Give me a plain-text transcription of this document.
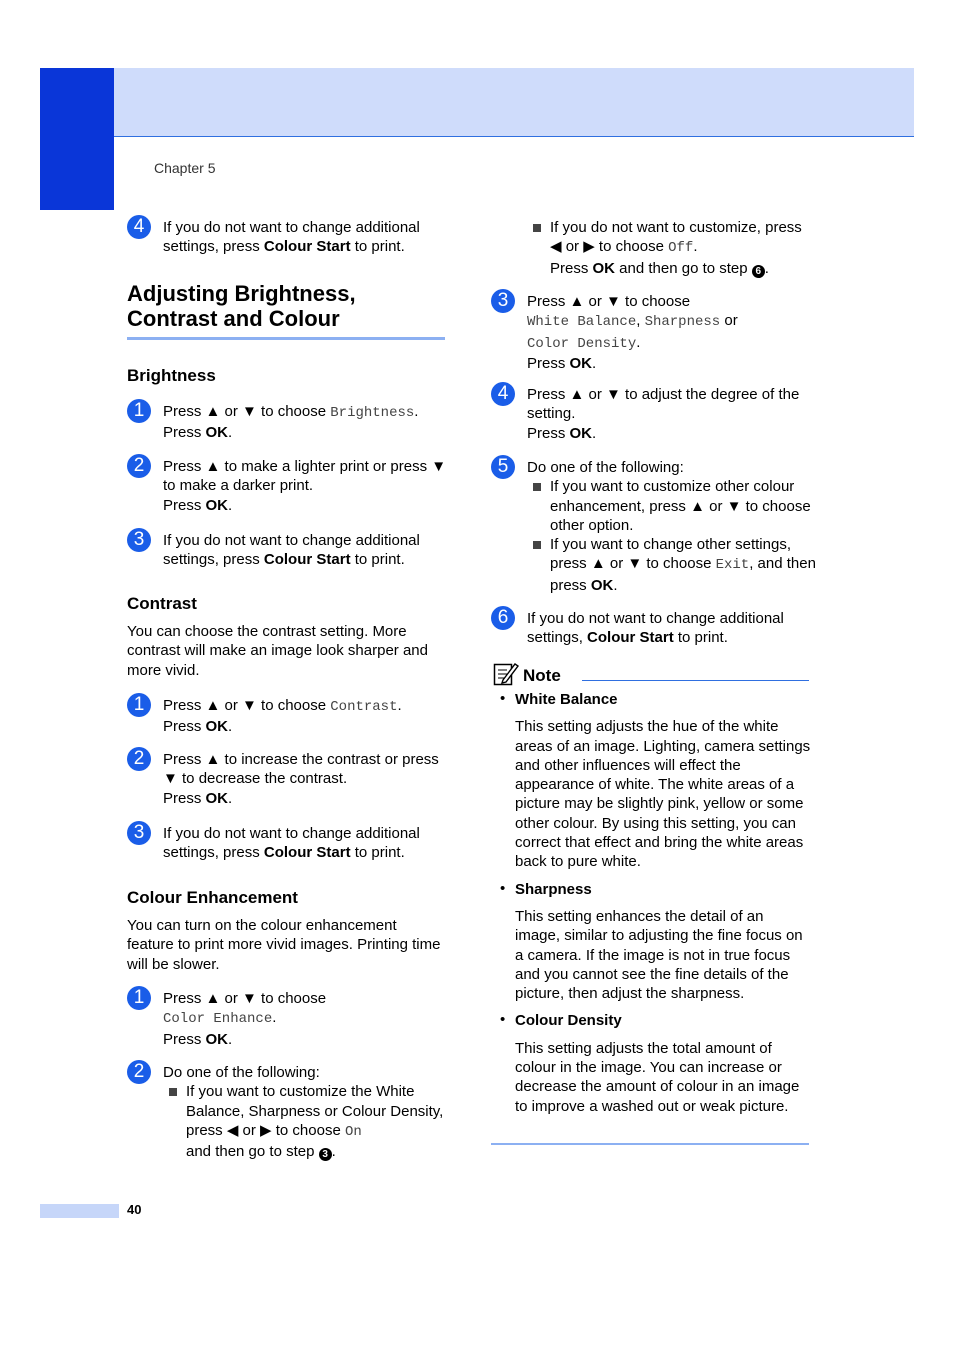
Chapter 5
4	If you do not want to change additional settings, press Colour Start to print.

Adjusting Brightness,
Contrast and Colour
Brightness
1	Press ▲ or ▼ to choose Brightness.
Press OK.

2	Press ▲ to make a lighter print or press ▼ to make a darker print.
Press OK.

3	If you do not want to change additional settings, press Colour Start to print.

Contrast

You can choose the contrast setting. More contrast will make an image look sharper and more vivid.

1	Press ▲ or ▼ to choose Contrast.
Press OK.

2	Press ▲ to increase the contrast or press ▼ to decrease the contrast.
Press OK.

3	If you do not want to change additional settings, press Colour Start to print.

Colour Enhancement

You can turn on the colour enhancement feature to print more vivid images. Printing time will be slower.

1	Press ▲ or ▼ to choose
Color Enhance.
Press OK.

2	Do one of the following:

If you want to customize the White Balance, Sharpness or Colour Density, press ◀ or ▶ to choose On
and then go to step 3 .

If you do not want to customize, press ◀ or ▶ to choose Off.
Press OK and then go to step 6 .

3	Press ▲ or ▼ to choose
White Balance, Sharpness or
Color Density.
Press OK.

4	Press ▲ or ▼ to adjust the degree of the setting.
Press OK.

5	Do one of the following:

If you want to customize other colour enhancement, press ▲ or ▼ to choose other option.

If you want to change other settings, press ▲ or ▼ to choose Exit, and then press OK.

6	If you do not want to change additional settings, Colour Start to print.

Note
• White Balance

This setting adjusts the hue of the white areas of an image. Lighting, camera settings and other influences will effect the appearance of white. The white areas of a picture may be slightly pink, yellow or some other colour. By using this setting, you can correct that effect and bring the white areas back to pure white.

• Sharpness

This setting enhances the detail of an image, similar to adjusting the fine focus on a camera. If the image is not in true focus and you cannot see the fine details of the picture, then adjust the sharpness.

• Colour Density

This setting adjusts the total amount of colour in the image. You can increase or decrease the amount of colour in an image to improve a washed out or weak picture.

40
